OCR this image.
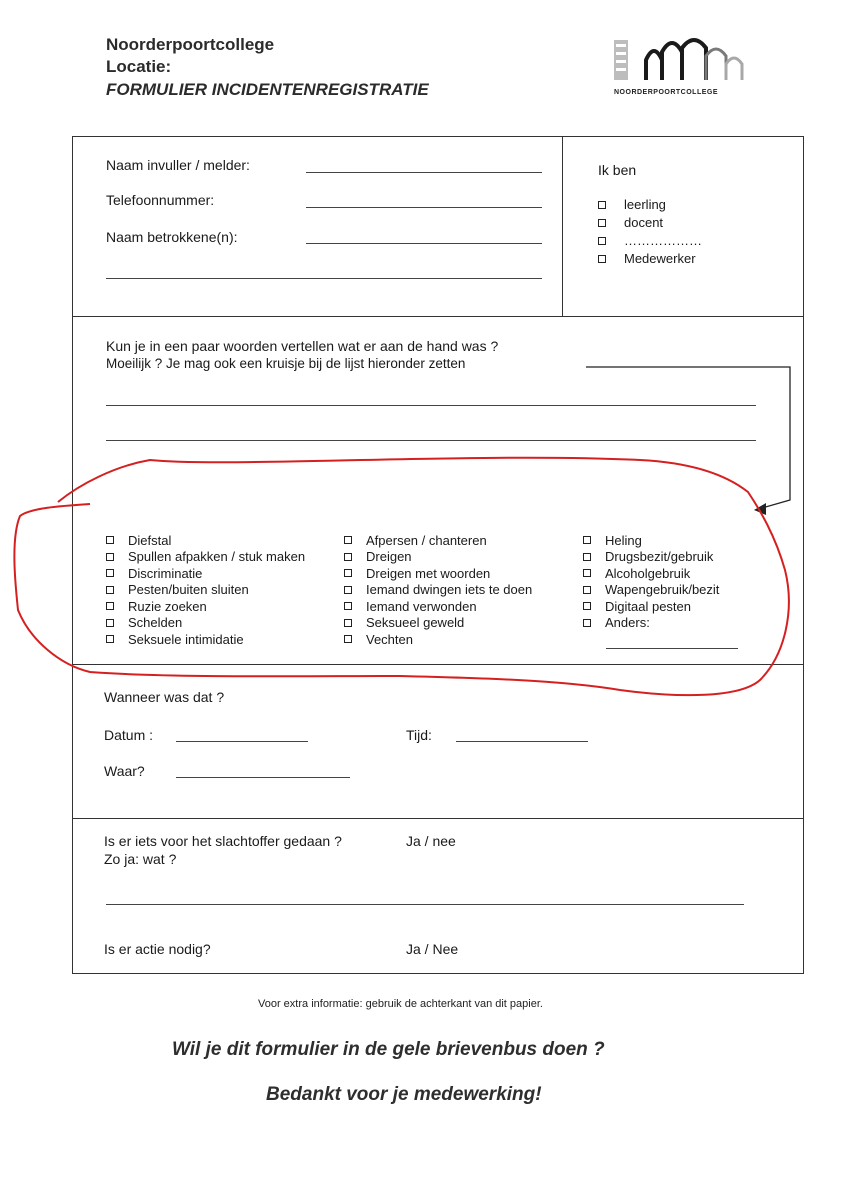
Noorderpoortcollege
Locatie:
FORMULIER INCIDENTENREGISTRATIE	NOORDERPOORTCOLLEGE
Naam invuller / melder:
Telefoonnummer:
Naam betrokkene(n):
Ik ben
leerling
docent
………………
Medewerker
Kun je in een paar woorden vertellen wat er aan de hand was ?
Moeilijk ? Je mag ook een kruisje bij de lijst hieronder zetten
Diefstal
Spullen afpakken / stuk maken
Discriminatie
Pesten/buiten sluiten
Ruzie zoeken
Schelden
Seksuele intimidatie
Afpersen / chanteren
Dreigen
Dreigen met woorden
Iemand dwingen iets te doen
Iemand verwonden
Seksueel geweld
Vechten
Heling
Drugsbezit/gebruik
Alcoholgebruik
Wapengebruik/bezit
Digitaal pesten
Anders:
Wanneer was dat ?
Datum :	Tijd:
Waar?
Is er iets voor het slachtoffer gedaan ?	Ja / nee
Zo ja: wat ?
Is er actie nodig?	Ja / Nee
Voor extra informatie: gebruik de achterkant van dit papier.
Wil je dit formulier in de gele brievenbus doen ?
Bedankt voor je medewerking!
